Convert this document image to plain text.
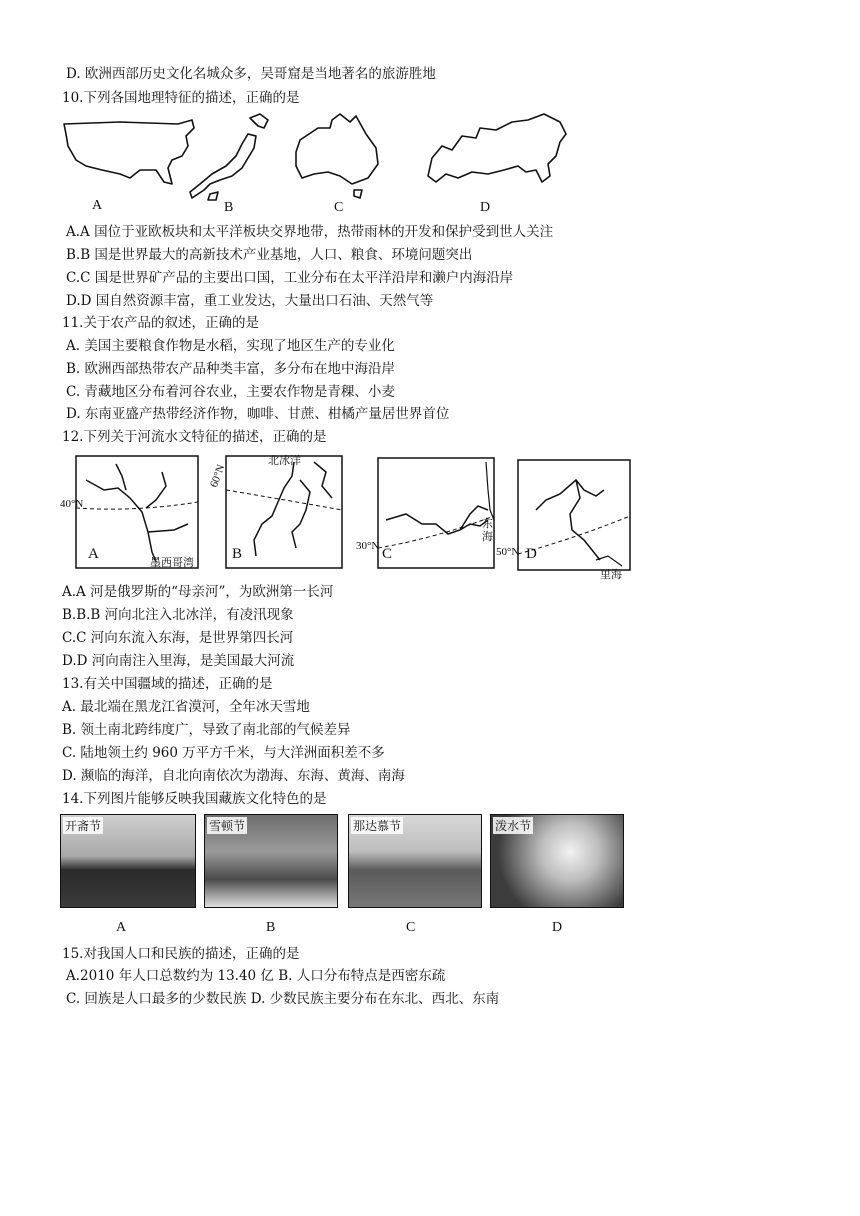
D. 欧洲西部历史文化名城众多，吴哥窟是当地著名的旅游胜地
10.下列各国地理特征的描述，正确的是
A	B	C	D
A.A 国位于亚欧板块和太平洋板块交界地带，热带雨林的开发和保护受到世人关注
B.B 国是世界最大的高新技术产业基地，人口、粮食、环境问题突出
C.C 国是世界矿产品的主要出口国，工业分布在太平洋沿岸和濑户内海沿岸
D.D 国自然资源丰富，重工业发达，大量出口石油、天然气等
11.关于农产品的叙述，正确的是
A. 美国主要粮食作物是水稻，实现了地区生产的专业化
B. 欧洲西部热带农产品种类丰富，多分布在地中海沿岸
C. 青藏地区分布着河谷农业，主要农作物是青稞、小麦
D. 东南亚盛产热带经济作物，咖啡、甘蔗、柑橘产量居世界首位
12.下列关于河流水文特征的描述，正确的是
A
40°N
墨西哥湾
B
60°N
北冰洋
C
30°N
东海
D
50°N
里海
A.A 河是俄罗斯的“母亲河”，为欧洲第一长河
B.B.B 河向北注入北冰洋，有凌汛现象
C.C 河向东流入东海，是世界第四长河
D.D 河向南注入里海，是美国最大河流
13.有关中国疆域的描述，正确的是
A. 最北端在黑龙江省漠河，全年冰天雪地
B. 领土南北跨纬度广，导致了南北部的气候差异
C. 陆地领土约 960 万平方千米，与大洋洲面积差不多
D. 濒临的海洋，自北向南依次为渤海、东海、黄海、南海
14.下列图片能够反映我国藏族文化特色的是
开斋节	雪顿节	那达慕节	泼水节
A	B	C	D
15.对我国人口和民族的描述，正确的是
A.2010 年人口总数约为 13.40 亿 B. 人口分布特点是西密东疏
C. 回族是人口最多的少数民族 D. 少数民族主要分布在东北、西北、东南
